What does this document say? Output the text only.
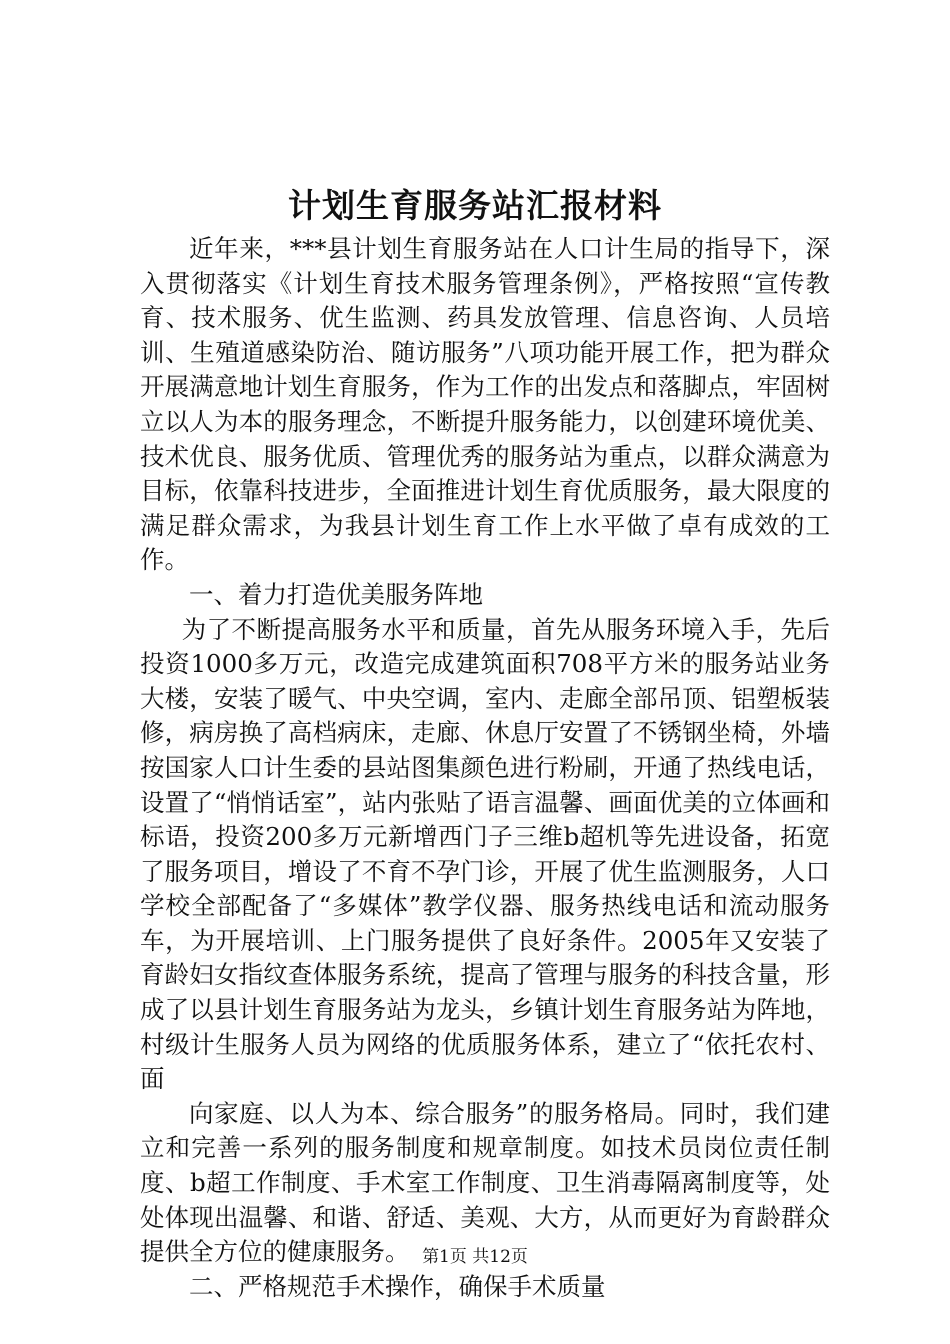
计划生育服务站汇报材料

近年来，***县计划生育服务站在人口计生局的指导下，深入贯彻落实《计划生育技术服务管理条例》，严格按照“宣传教育、技术服务、优生监测、药具发放管理、信息咨询、人员培训、生殖道感染防治、随访服务”八项功能开展工作，把为群众开展满意地计划生育服务，作为工作的出发点和落脚点，牢固树立以人为本的服务理念，不断提升服务能力，以创建环境优美、技术优良、服务优质、管理优秀的服务站为重点，以群众满意为目标，依靠科技进步，全面推进计划生育优质服务，最大限度的满足群众需求，为我县计划生育工作上水平做了卓有成效的工作。

一、着力打造优美服务阵地

为了不断提高服务水平和质量，首先从服务环境入手，先后投资1000多万元，改造完成建筑面积708平方米的服务站业务大楼，安装了暖气、中央空调，室内、走廊全部吊顶、铝塑板装修，病房换了高档病床，走廊、休息厅安置了不锈钢坐椅，外墙按国家人口计生委的县站图集颜色进行粉刷，开通了热线电话，设置了“悄悄话室”，站内张贴了语言温馨、画面优美的立体画和标语，投资200多万元新增西门子三维b超机等先进设备，拓宽了服务项目，增设了不育不孕门诊，开展了优生监测服务，人口学校全部配备了“多媒体”教学仪器、服务热线电话和流动服务车，为开展培训、上门服务提供了良好条件。2005年又安装了育龄妇女指纹查体服务系统，提高了管理与服务的科技含量，形成了以县计划生育服务站为龙头，乡镇计划生育服务站为阵地，村级计生服务人员为网络的优质服务体系，建立了“依托农村、面

向家庭、以人为本、综合服务”的服务格局。同时，我们建立和完善一系列的服务制度和规章制度。如技术员岗位责任制度、b超工作制度、手术室工作制度、卫生消毒隔离制度等，处处体现出温馨、和谐、舒适、美观、大方，从而更好为育龄群众提供全方位的健康服务。

二、严格规范手术操作，确保手术质量

第1页 共12页
